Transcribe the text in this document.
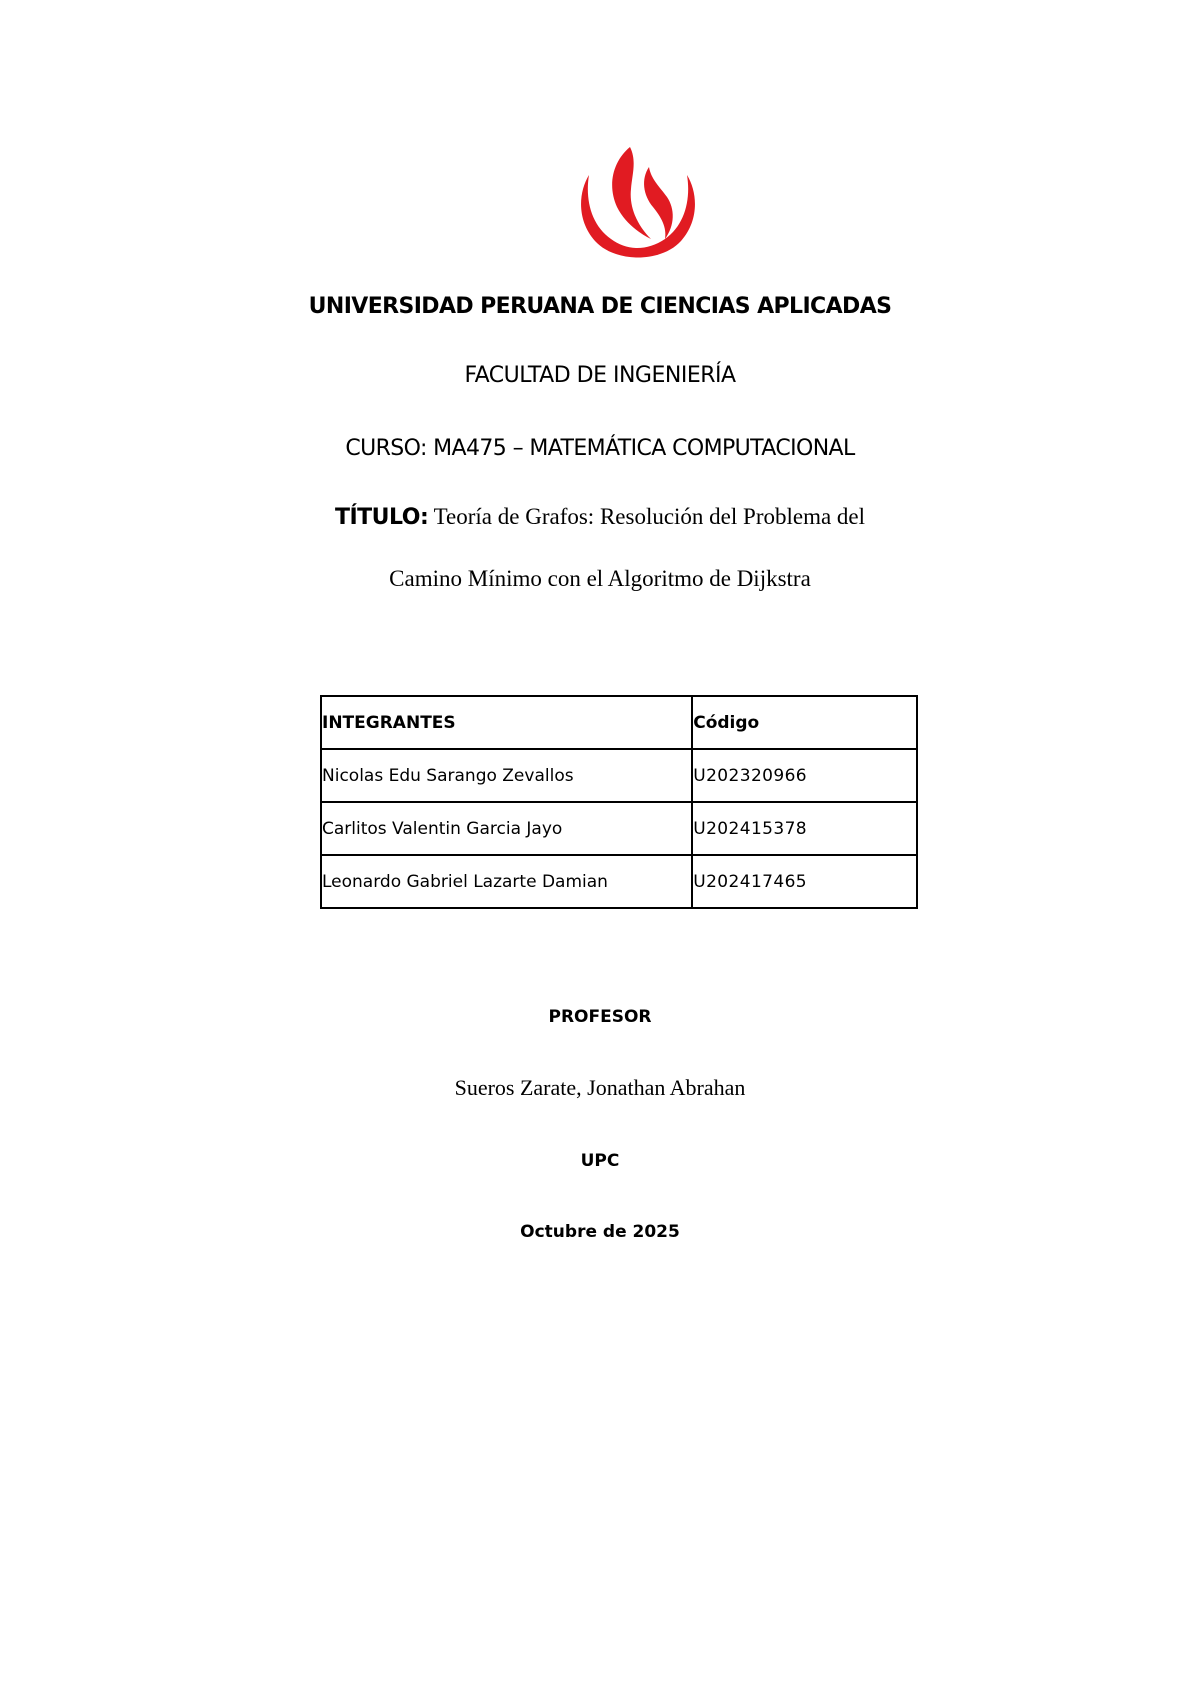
UNIVERSIDAD PERUANA DE CIENCIAS APLICADAS
FACULTAD DE INGENIERÍA
CURSO: MA475 – MATEMÁTICA COMPUTACIONAL
TÍTULO: Teoría de Grafos: Resolución del Problema del
Camino Mínimo con el Algoritmo de Dijkstra
INTEGRANTES	Código
Nicolas Edu Sarango Zevallos	U202320966
Carlitos Valentin Garcia Jayo	U202415378
Leonardo Gabriel Lazarte Damian	U202417465
PROFESOR
Sueros Zarate, Jonathan Abrahan
UPC
Octubre de 2025
